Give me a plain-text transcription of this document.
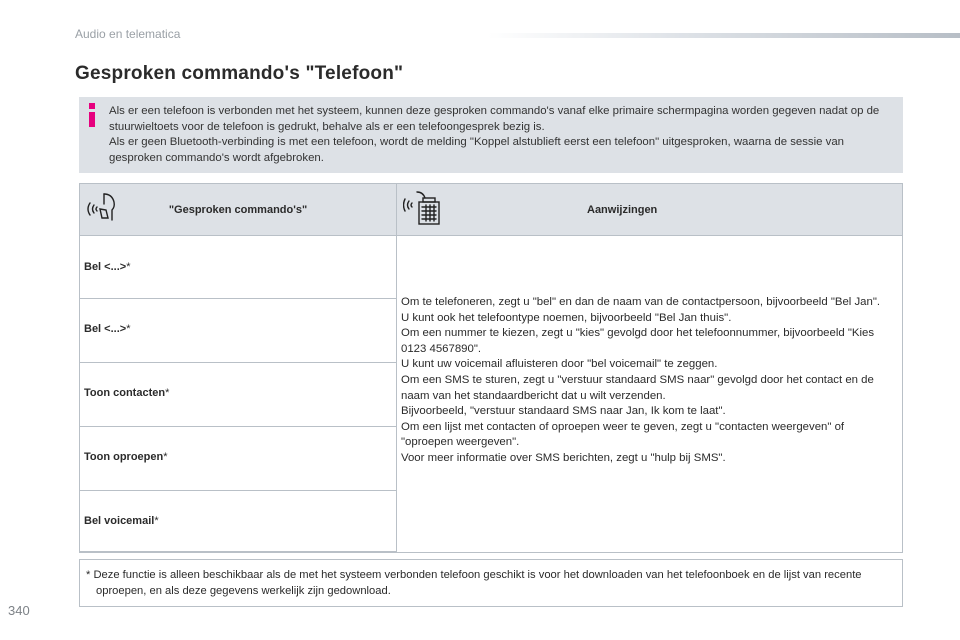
Audio en telematica
Gesproken commando's "Telefoon"

Als er een telefoon is verbonden met het systeem, kunnen deze gesproken commando's vanaf elke primaire schermpagina worden gegeven nadat op de stuurwieltoets voor de telefoon is gedrukt, behalve als er een telefoongesprek bezig is.

Als er geen Bluetooth-verbinding is met een telefoon, wordt de melding "Koppel alstublieft eerst een telefoon" uitgesproken, waarna de sessie van gesproken commando's wordt afgebroken.

"Gesproken commando's"	Aanwijzingen
Bel <...>*
Bel <...>*
Toon contacten*
Toon oproepen*
Bel voicemail*

Om te telefoneren, zegt u "bel" en dan de naam van de contactpersoon, bijvoorbeeld "Bel Jan".

U kunt ook het telefoontype noemen, bijvoorbeeld "Bel Jan thuis".

Om een nummer te kiezen, zegt u "kies" gevolgd door het telefoonnummer, bijvoorbeeld "Kies 0123 4567890".

U kunt uw voicemail afluisteren door "bel voicemail" te zeggen.

Om een SMS te sturen, zegt u "verstuur standaard SMS naar" gevolgd door het contact en de naam van het standaardbericht dat u wilt verzenden.

Bijvoorbeeld, "verstuur standaard SMS naar Jan, Ik kom te laat".

Om een lijst met contacten of oproepen weer te geven, zegt u "contacten weergeven" of "oproepen weergeven".

Voor meer informatie over SMS berichten, zegt u "hulp bij SMS".

* Deze functie is alleen beschikbaar als de met het systeem verbonden telefoon geschikt is voor het downloaden van het telefoonboek en de lijst van recente oproepen, en als deze gegevens werkelijk zijn gedownload.
340
